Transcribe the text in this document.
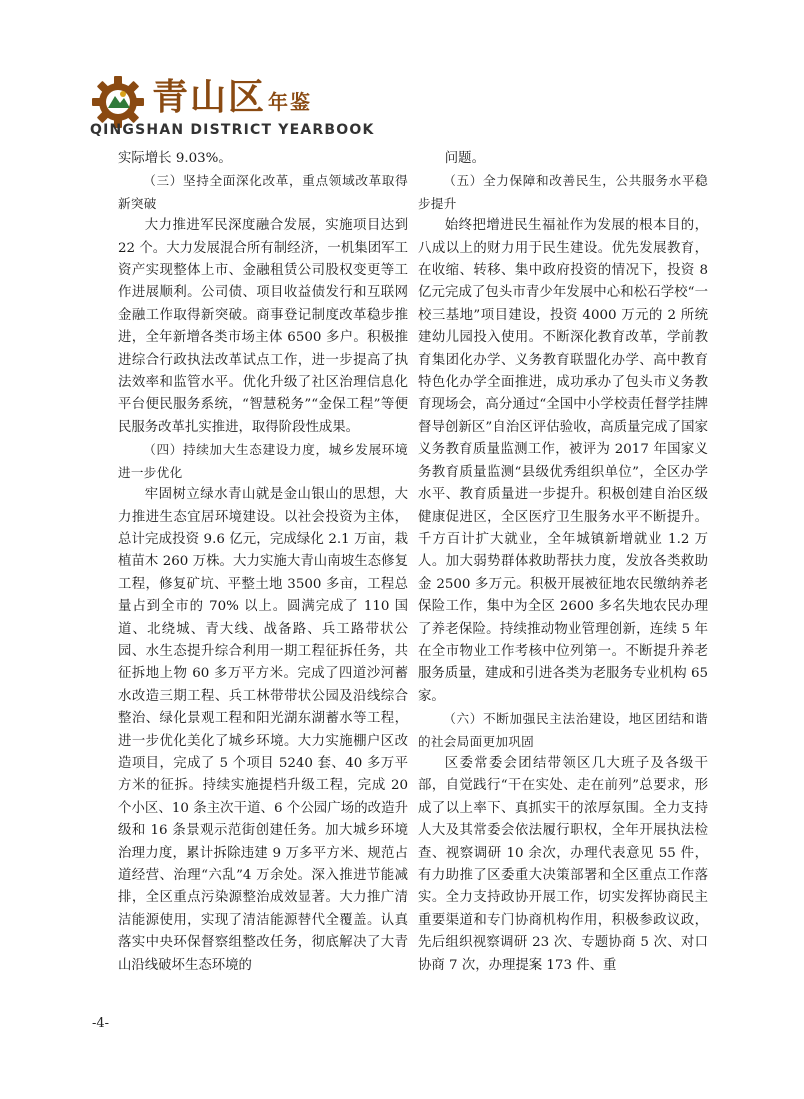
青山区 年鉴
QINGSHAN DISTRICT YEARBOOK

实际增长 9.03%。

（三）坚持全面深化改革，重点领域改革取得新突破

大力推进军民深度融合发展，实施项目达到 22 个。大力发展混合所有制经济，一机集团军工资产实现整体上市、金融租赁公司股权变更等工作进展顺利。公司债、项目收益债发行和互联网金融工作取得新突破。商事登记制度改革稳步推进，全年新增各类市场主体 6500 多户。积极推进综合行政执法改革试点工作，进一步提高了执法效率和监管水平。优化升级了社区治理信息化平台便民服务系统，“智慧税务”“金保工程”等便民服务改革扎实推进，取得阶段性成果。

（四）持续加大生态建设力度，城乡发展环境进一步优化

牢固树立绿水青山就是金山银山的思想，大力推进生态宜居环境建设。以社会投资为主体，总计完成投资 9.6 亿元，完成绿化 2.1 万亩，栽植苗木 260 万株。大力实施大青山南坡生态修复工程，修复矿坑、平整土地 3500 多亩，工程总量占到全市的 70% 以上。圆满完成了 110 国道、北绕城、青大线、战备路、兵工路带状公园、水生态提升综合利用一期工程征拆任务，共征拆地上物 60 多万平方米。完成了四道沙河蓄水改造三期工程、兵工林带带状公园及沿线综合整治、绿化景观工程和阳光湖东湖蓄水等工程，进一步优化美化了城乡环境。大力实施棚户区改造项目，完成了 5 个项目 5240 套、40 多万平方米的征拆。持续实施提档升级工程，完成 20 个小区、10 条主次干道、6 个公园广场的改造升级和 16 条景观示范街创建任务。加大城乡环境治理力度，累计拆除违建 9 万多平方米、规范占道经营、治理“六乱”4 万余处。深入推进节能减排，全区重点污染源整治成效显著。大力推广清洁能源使用，实现了清洁能源替代全覆盖。认真落实中央环保督察组整改任务，彻底解决了大青山沿线破坏生态环境的

问题。

（五）全力保障和改善民生，公共服务水平稳步提升

始终把增进民生福祉作为发展的根本目的，八成以上的财力用于民生建设。优先发展教育，在收缩、转移、集中政府投资的情况下，投资 8 亿元完成了包头市青少年发展中心和松石学校“一校三基地”项目建设，投资 4000 万元的 2 所统建幼儿园投入使用。不断深化教育改革，学前教育集团化办学、义务教育联盟化办学、高中教育特色化办学全面推进，成功承办了包头市义务教育现场会，高分通过“全国中小学校责任督学挂牌督导创新区”自治区评估验收，高质量完成了国家义务教育质量监测工作，被评为 2017 年国家义务教育质量监测“县级优秀组织单位”，全区办学水平、教育质量进一步提升。积极创建自治区级健康促进区，全区医疗卫生服务水平不断提升。千方百计扩大就业，全年城镇新增就业 1.2 万人。加大弱势群体救助帮扶力度，发放各类救助金 2500 多万元。积极开展被征地农民缴纳养老保险工作，集中为全区 2600 多名失地农民办理了养老保险。持续推动物业管理创新，连续 5 年在全市物业工作考核中位列第一。不断提升养老服务质量，建成和引进各类为老服务专业机构 65 家。

（六）不断加强民主法治建设，地区团结和谐的社会局面更加巩固

区委常委会团结带领区几大班子及各级干部，自觉践行“干在实处、走在前列”总要求，形成了以上率下、真抓实干的浓厚氛围。全力支持人大及其常委会依法履行职权，全年开展执法检查、视察调研 10 余次，办理代表意见 55 件，有力助推了区委重大决策部署和全区重点工作落实。全力支持政协开展工作，切实发挥协商民主重要渠道和专门协商机构作用，积极参政议政，先后组织视察调研 23 次、专题协商 5 次、对口协商 7 次，办理提案 173 件、重

-4-
